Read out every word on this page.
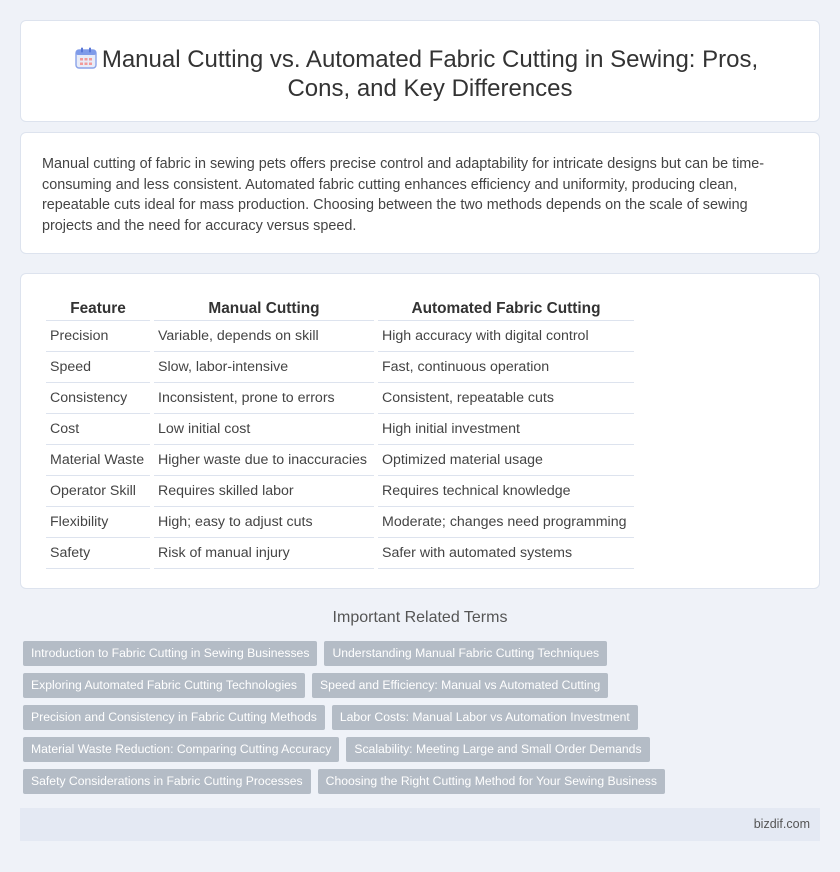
Manual Cutting vs. Automated Fabric Cutting in Sewing: Pros, Cons, and Key Differences

Manual cutting of fabric in sewing pets offers precise control and adaptability for intricate designs but can be time-consuming and less consistent. Automated fabric cutting enhances efficiency and uniformity, producing clean, repeatable cuts ideal for mass production. Choosing between the two methods depends on the scale of sewing projects and the need for accuracy versus speed.

Feature	Manual Cutting	Automated Fabric Cutting
Precision	Variable, depends on skill	High accuracy with digital control
Speed	Slow, labor-intensive	Fast, continuous operation
Consistency	Inconsistent, prone to errors	Consistent, repeatable cuts
Cost	Low initial cost	High initial investment
Material Waste	Higher waste due to inaccuracies	Optimized material usage
Operator Skill	Requires skilled labor	Requires technical knowledge
Flexibility	High; easy to adjust cuts	Moderate; changes need programming
Safety	Risk of manual injury	Safer with automated systems
Important Related Terms
Introduction to Fabric Cutting in Sewing Businesses Understanding Manual Fabric Cutting Techniques
Exploring Automated Fabric Cutting Technologies Speed and Efficiency: Manual vs Automated Cutting
Precision and Consistency in Fabric Cutting Methods Labor Costs: Manual Labor vs Automation Investment
Material Waste Reduction: Comparing Cutting Accuracy Scalability: Meeting Large and Small Order Demands
Safety Considerations in Fabric Cutting Processes Choosing the Right Cutting Method for Your Sewing Business
bizdif.com
